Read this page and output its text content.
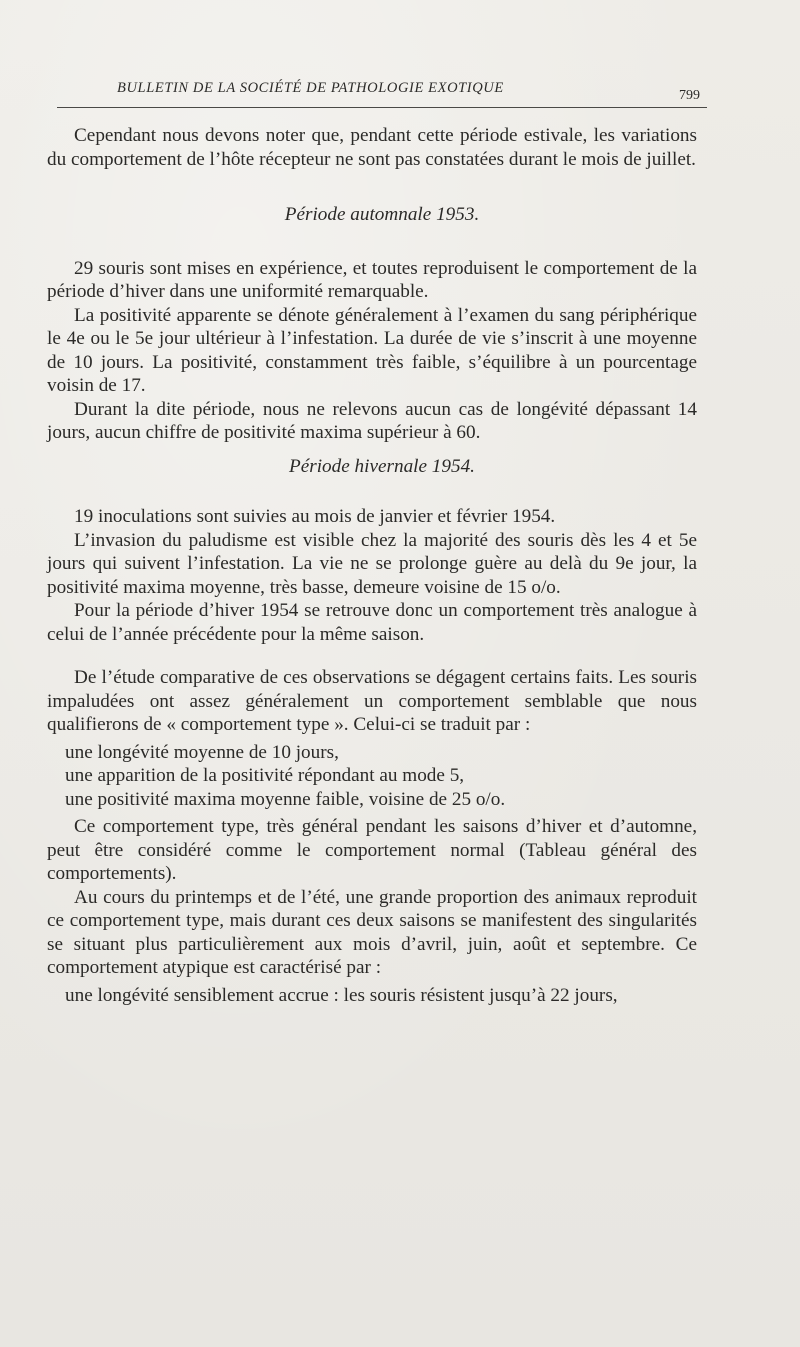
BULLETIN DE LA SOCIÉTÉ DE PATHOLOGIE EXOTIQUE	799

Cependant nous devons noter que, pendant cette période estivale, les variations du comportement de l’hôte récepteur ne sont pas constatées durant le mois de juillet.

Période automnale 1953.

29 souris sont mises en expérience, et toutes reproduisent le comportement de la période d’hiver dans une uniformité remarquable.

La positivité apparente se dénote généralement à l’examen du sang périphérique le 4e ou le 5e jour ultérieur à l’infestation. La durée de vie s’inscrit à une moyenne de 10 jours. La positivité, constamment très faible, s’équilibre à un pourcentage voisin de 17.

Durant la dite période, nous ne relevons aucun cas de longévité dépassant 14 jours, aucun chiffre de positivité maxima supérieur à 60.

Période hivernale 1954.

19 inoculations sont suivies au mois de janvier et février 1954.

L’invasion du paludisme est visible chez la majorité des souris dès les 4 et 5e jours qui suivent l’infestation. La vie ne se prolonge guère au delà du 9e jour, la positivité maxima moyenne, très basse, demeure voisine de 15 o/o.

Pour la période d’hiver 1954 se retrouve donc un comportement très analogue à celui de l’année précédente pour la même saison.

De l’étude comparative de ces observations se dégagent certains faits. Les souris impaludées ont assez généralement un comportement semblable que nous qualifierons de « comportement type ». Celui-ci se traduit par :

une longévité moyenne de 10 jours,

une apparition de la positivité répondant au mode 5,

une positivité maxima moyenne faible, voisine de 25 o/o.

Ce comportement type, très général pendant les saisons d’hiver et d’automne, peut être considéré comme le comportement normal (Tableau général des comportements).

Au cours du printemps et de l’été, une grande proportion des animaux reproduit ce comportement type, mais durant ces deux saisons se manifestent des singularités se situant plus particulièrement aux mois d’avril, juin, août et septembre. Ce comportement atypique est caractérisé par :

une longévité sensiblement accrue : les souris résistent jusqu’à 22 jours,
